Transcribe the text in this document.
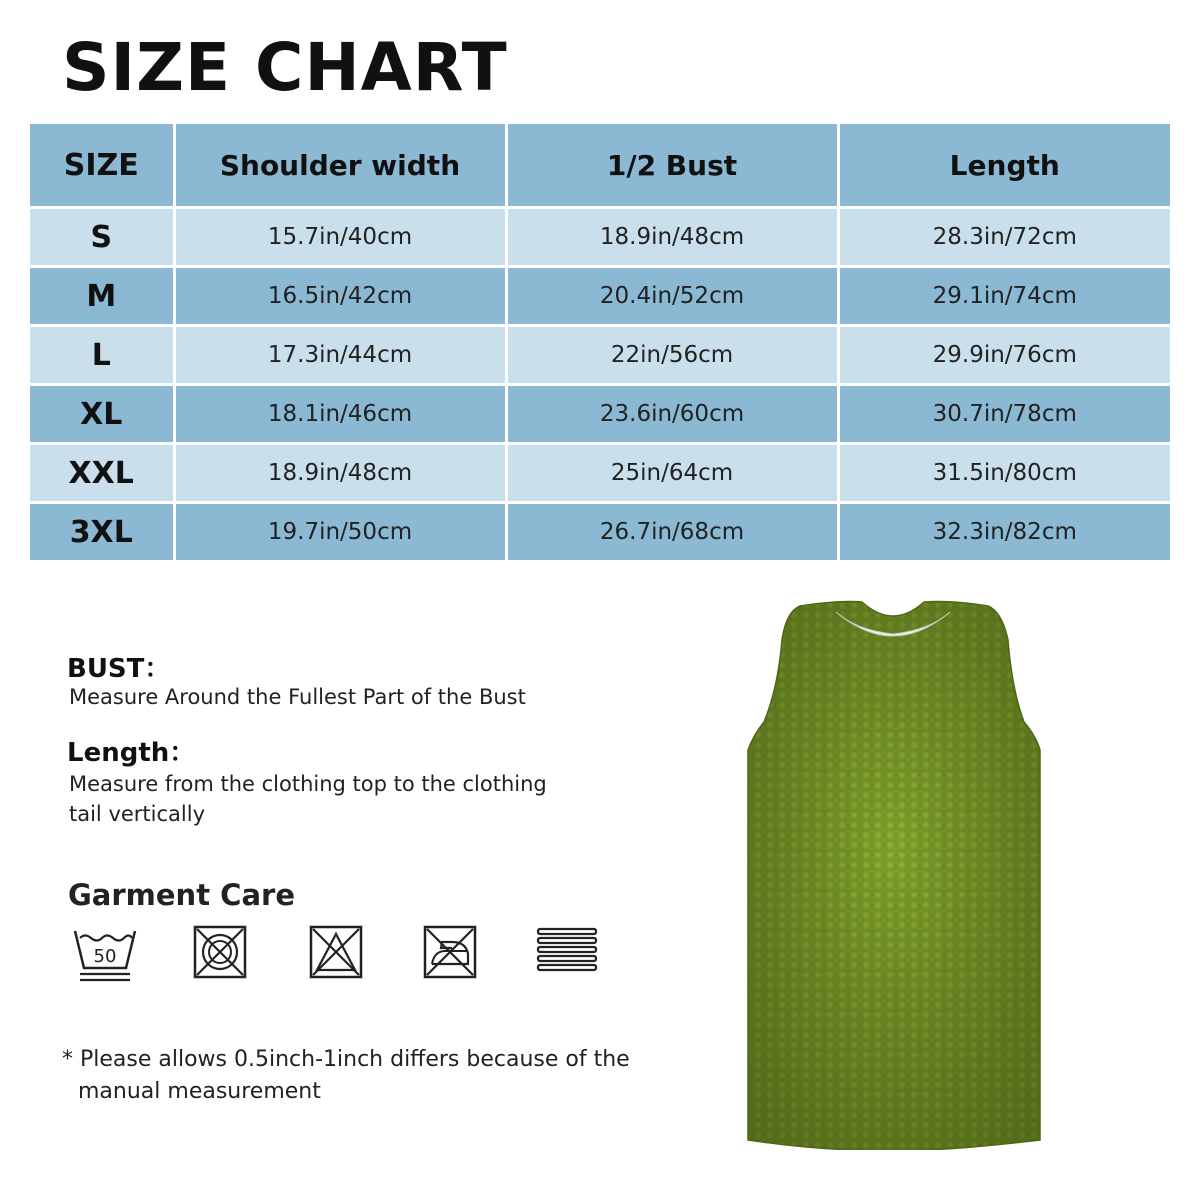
SIZE CHART
SIZE	Shoulder width	1/2 Bust	Length
S	15.7in/40cm	18.9in/48cm	28.3in/72cm
M	16.5in/42cm	20.4in/52cm	29.1in/74cm
L	17.3in/44cm	22in/56cm	29.9in/76cm
XL	18.1in/46cm	23.6in/60cm	30.7in/78cm
XXL	18.9in/48cm	25in/64cm	31.5in/80cm
3XL	19.7in/50cm	26.7in/68cm	32.3in/82cm
BUST：

Measure Around the Fullest Part of the Bust

Length：

Measure from the clothing top to the clothing

tail vertically

Garment Care
50

* Please allows 0.5inch-1inch differs because of the
manual measurement
